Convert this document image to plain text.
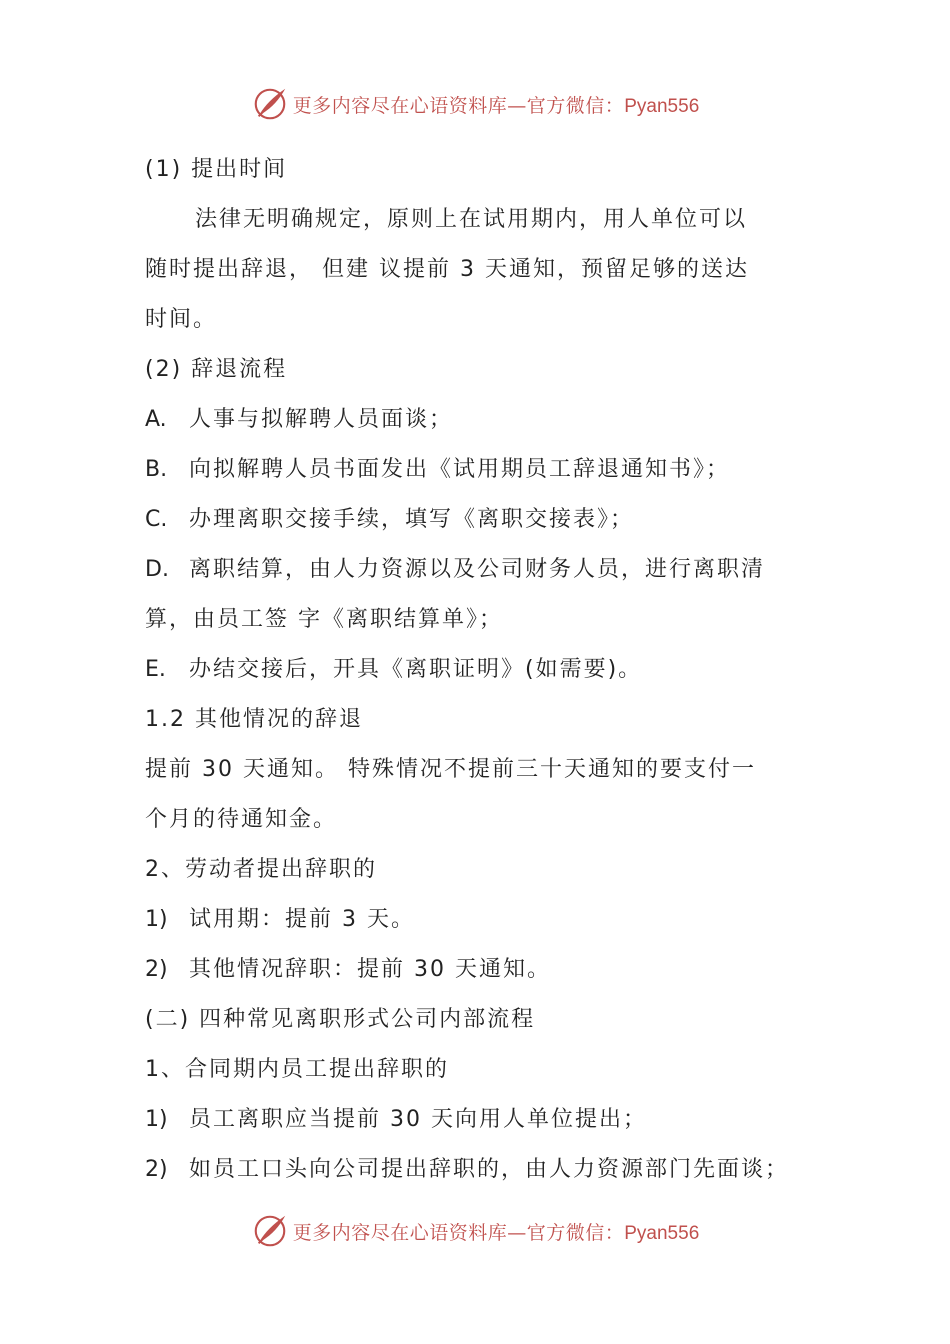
更多内容尽在心语资料库—官方微信：Pyan556
(1) 提出时间
法律无明确规定，原则上在试用期内，用人单位可以
随时提出辞退， 但建 议提前 3 天通知，预留足够的送达
时间。
(2) 辞退流程
A. 人事与拟解聘人员面谈；
B. 向拟解聘人员书面发出《试用期员工辞退通知书》；
C. 办理离职交接手续，填写《离职交接表》；
D. 离职结算，由人力资源以及公司财务人员，进行离职清
算，由员工签 字《离职结算单》；
E. 办结交接后，开具《离职证明》(如需要)。
1.2 其他情况的辞退
提前 30 天通知。 特殊情况不提前三十天通知的要支付一
个月的待通知金。
2、劳动者提出辞职的
1) 试用期：提前 3 天。
2) 其他情况辞职：提前 30 天通知。
(二) 四种常见离职形式公司内部流程
1、合同期内员工提出辞职的
1) 员工离职应当提前 30 天向用人单位提出；
2) 如员工口头向公司提出辞职的，由人力资源部门先面谈；
更多内容尽在心语资料库—官方微信：Pyan556
